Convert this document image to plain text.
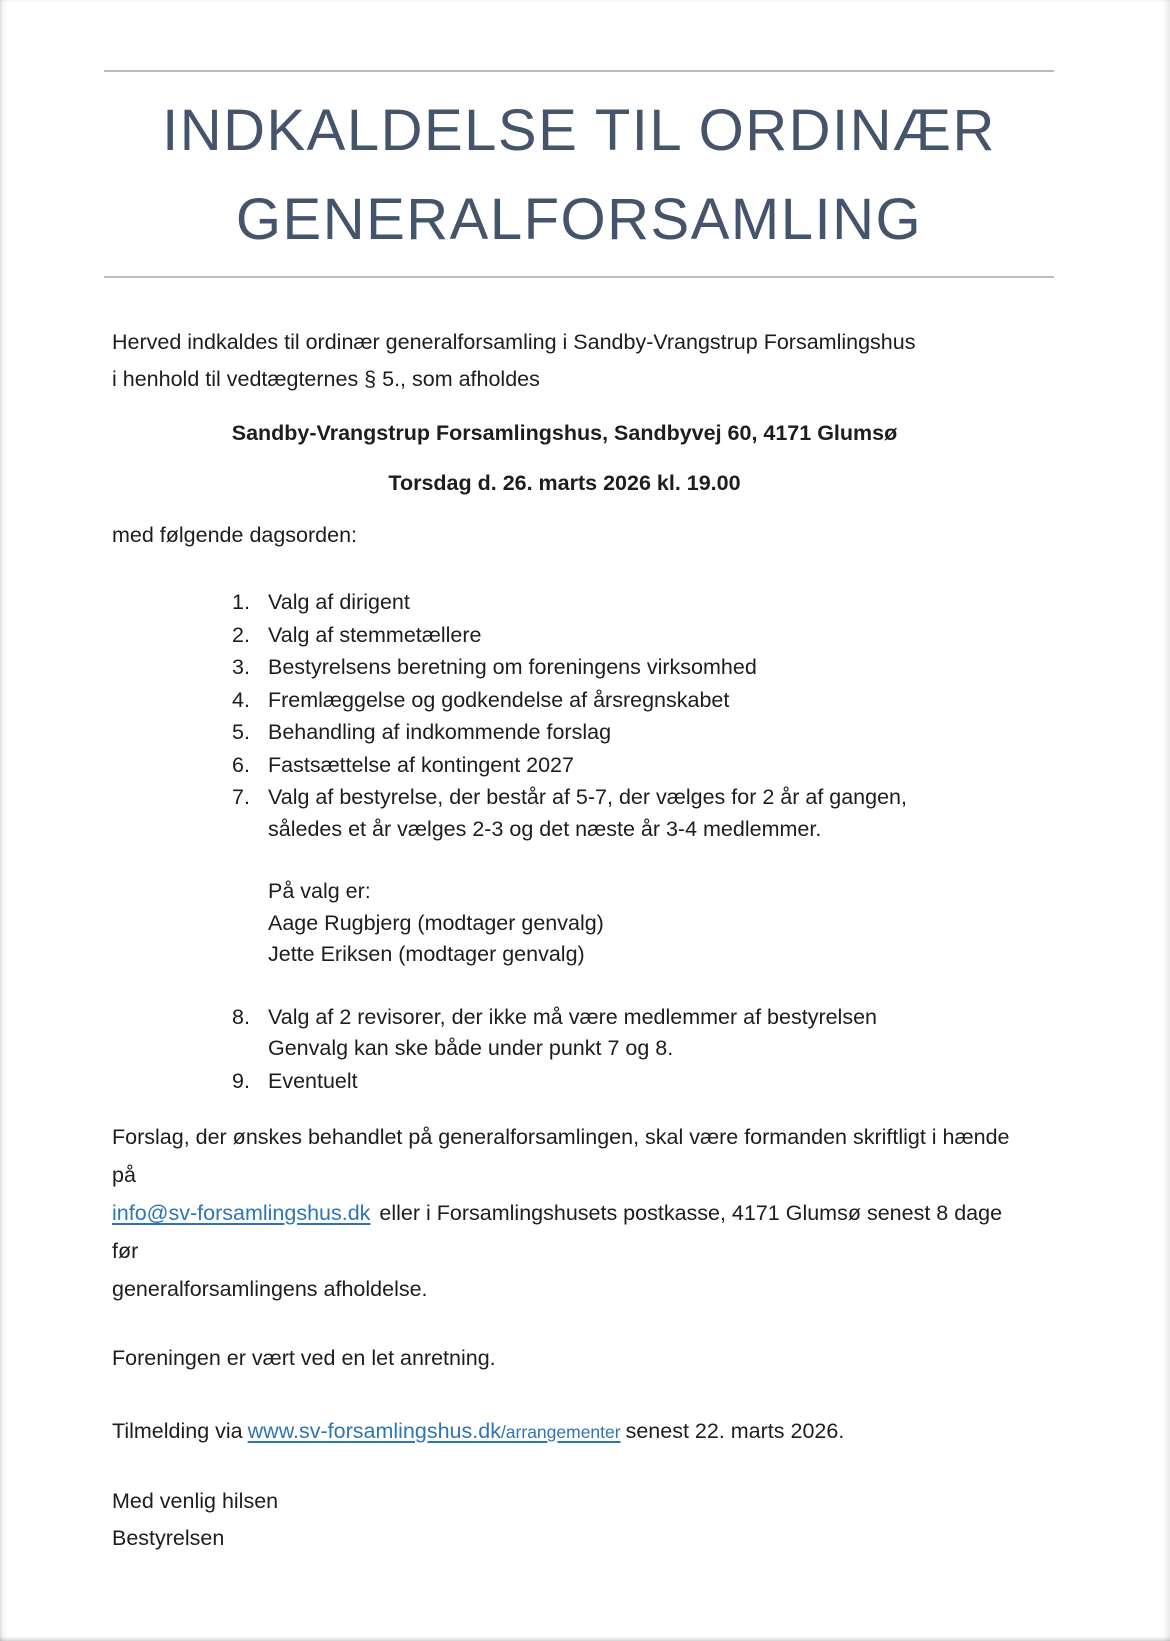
INDKALDELSE TIL ORDINÆR
GENERALFORSAMLING
Herved indkaldes til ordinær generalforsamling i Sandby-Vrangstrup Forsamlingshus
i henhold til vedtægternes § 5., som afholdes
Sandby-Vrangstrup Forsamlingshus, Sandbyvej 60, 4171 Glumsø
Torsdag d. 26. marts 2026 kl. 19.00
med følgende dagsorden:
1. Valg af dirigent
2. Valg af stemmetællere
3. Bestyrelsens beretning om foreningens virksomhed
4. Fremlæggelse og godkendelse af årsregnskabet
5. Behandling af indkommende forslag
6. Fastsættelse af kontingent 2027
7. Valg af bestyrelse, der består af 5-7, der vælges for 2 år af gangen,
således et år vælges 2-3 og det næste år 3-4 medlemmer.
På valg er:
Aage Rugbjerg (modtager genvalg)
Jette Eriksen (modtager genvalg)
8. Valg af 2 revisorer, der ikke må være medlemmer af bestyrelsen
Genvalg kan ske både under punkt 7 og 8.
9. Eventuelt
Forslag, der ønskes behandlet på generalforsamlingen, skal være formanden skriftligt i hænde på
info@sv-forsamlingshus.dk eller i Forsamlingshusets postkasse, 4171 Glumsø senest 8 dage før
generalforsamlingens afholdelse.
Foreningen er vært ved en let anretning.
Tilmelding via www.sv-forsamlingshus.dk/arrangementer senest 22. marts 2026.
Med venlig hilsen
Bestyrelsen
